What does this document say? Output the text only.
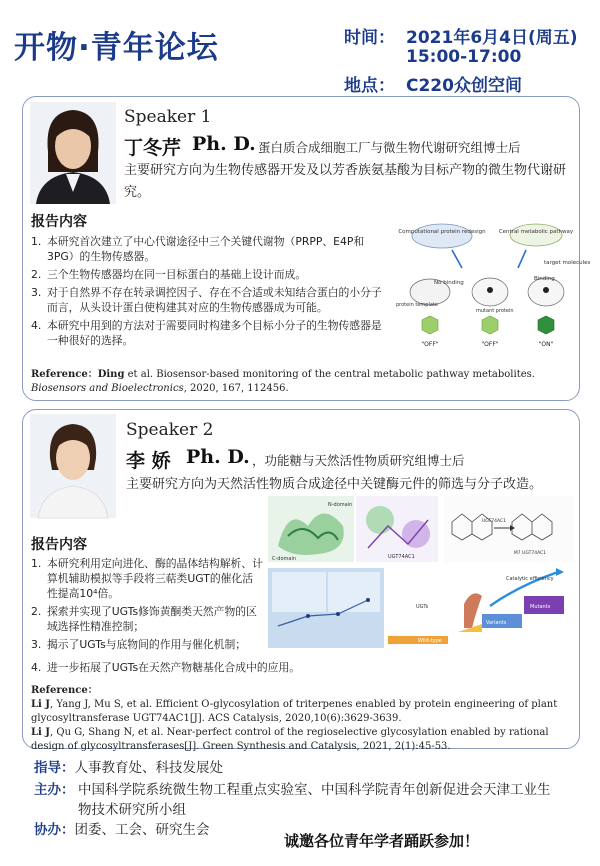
开物·青年论坛	时间： 2021年6月4日(周五)
15:00-17:00
地点： C220众创空间
Speaker 1
丁冬芹 Ph. D. 蛋白质合成细胞工厂与微生物代谢研究组博士后
主要研究方向为生物传感器开发及以芳香族氨基酸为目标产物的微生物代谢研究。
报告内容
1. 本研究首次建立了中心代谢途径中三个关键代谢物（PRPP、E4P和3PG）的生物传感器。
2. 三个生物传感器均在同一目标蛋白的基础上设计而成。
3. 对于自然界不存在转录调控因子、存在不合适或未知结合蛋白的小分子而言，从头设计蛋白使构建其对应的生物传感器成为可能。
4. 本研究中用到的方法对于需要同时构建多个目标小分子的生物传感器是一种很好的选择。
Computational protein redesign Central metabolic pathway
target molecules
No binding
Binding
protein template
mutant protein
"OFF"	"OFF"	"ON"
Reference：Ding et al. Biosensor-based monitoring of the central metabolic pathway metabolites. Biosensors and Bioelectronics, 2020, 167, 112456.
Speaker 2
李 娇 Ph. D. ，功能糖与天然活性物质研究组博士后
主要研究方向为天然活性物质合成途径中关键酶元件的筛选与分子改造。
报告内容
1. 本研究利用定向进化、酶的晶体结构解析、计算机辅助模拟等手段将三萜类UGT的催化活性提高10⁴倍。
2. 探索并实现了UGTs修饰黄酮类天然产物的区域选择性精准控制；
3. 揭示了UGTs与底物间的作用与催化机制；
4. 进一步拓展了UGTs在天然产物糖基化合成中的应用。
N-domain
C-domain	UGT74AC1
UGT74AC1
M7 UGT74AC1
UGTs
Wild-type
Variants
Mutants
Catalytic efficiency
Reference：
Li J, Yang J, Mu S, et al. Efficient O-glycosylation of triterpenes enabled by protein engineering of plant glycosyltransferase UGT74AC1[J]. ACS Catalysis, 2020,10(6):3629-3639.
Li J, Qu G, Shang N, et al. Near-perfect control of the regioselective glycosylation enabled by rational design of glycosyltransferases[J]. Green Synthesis and Catalysis, 2021, 2(1):45-53.
指导：人事教育处、科技发展处
主办： 中国科学院系统微生物工程重点实验室、中国科学院青年创新促进会天津工业生物技术研究所小组
协办：团委、工会、研究生会
诚邀各位青年学者踊跃参加！
